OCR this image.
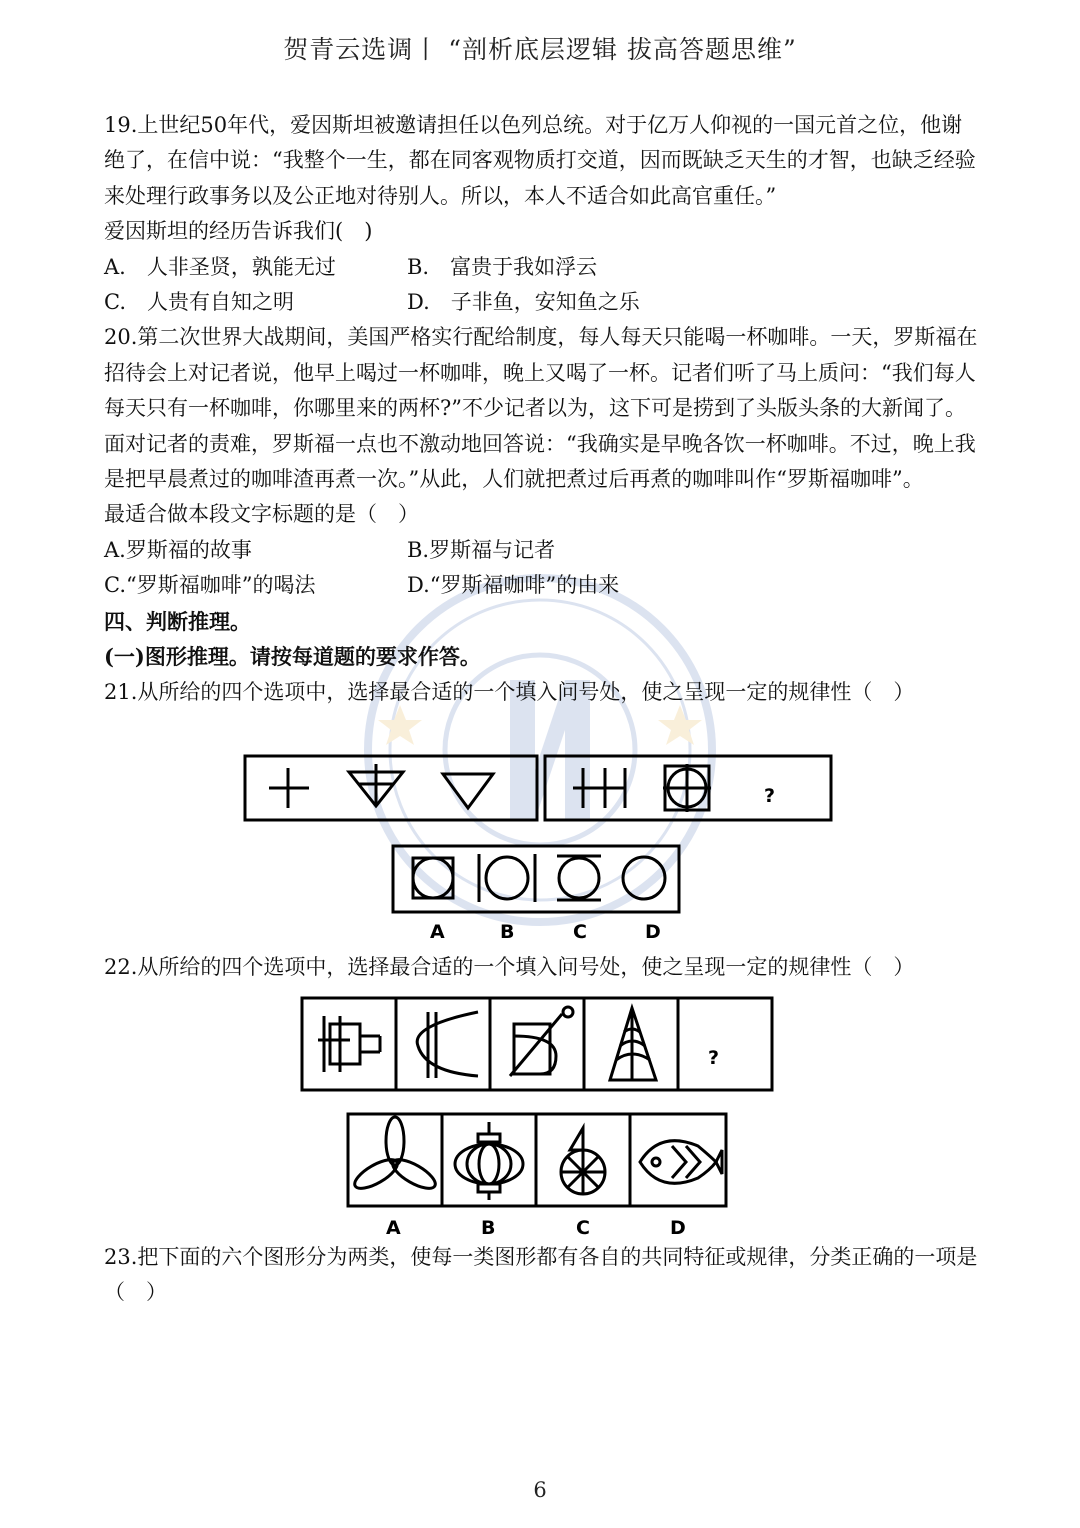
贺青云选调丨 “剖析底层逻辑 拔高答题思维”

19.上世纪50年代，爱因斯坦被邀请担任以色列总统。对于亿万人仰视的一国元首之位，他谢绝了，在信中说：“我整个一生，都在同客观物质打交道，因而既缺乏天生的才智，也缺乏经验来处理行政事务以及公正地对待别人。所以，本人不适合如此高官重任。”

爱因斯坦的经历告诉我们(　)

A.　人非圣贤，孰能无过	B.　富贵于我如浮云
C.　人贵有自知之明	D.　子非鱼，安知鱼之乐

20.第二次世界大战期间，美国严格实行配给制度，每人每天只能喝一杯咖啡。一天，罗斯福在招待会上对记者说，他早上喝过一杯咖啡，晚上又喝了一杯。记者们听了马上质问：“我们每人每天只有一杯咖啡，你哪里来的两杯?”不少记者以为，这下可是捞到了头版头条的大新闻了。面对记者的责难，罗斯福一点也不激动地回答说：“我确实是早晚各饮一杯咖啡。不过，晚上我是把早晨煮过的咖啡渣再煮一次。”从此，人们就把煮过后再煮的咖啡叫作“罗斯福咖啡”。

最适合做本段文字标题的是（　）

A.罗斯福的故事	B.罗斯福与记者
C.“罗斯福咖啡”的喝法	D.“罗斯福咖啡”的由来

四、判断推理。

(一)图形推理。请按每道题的要求作答。

21.从所给的四个选项中，选择最合适的一个填入问号处，使之呈现一定的规律性（　）

?
A	B	C	D

22.从所给的四个选项中，选择最合适的一个填入问号处，使之呈现一定的规律性（　）

?
A	B	C	D

23.把下面的六个图形分为两类，使每一类图形都有各自的共同特征或规律，分类正确的一项是（　）

6
